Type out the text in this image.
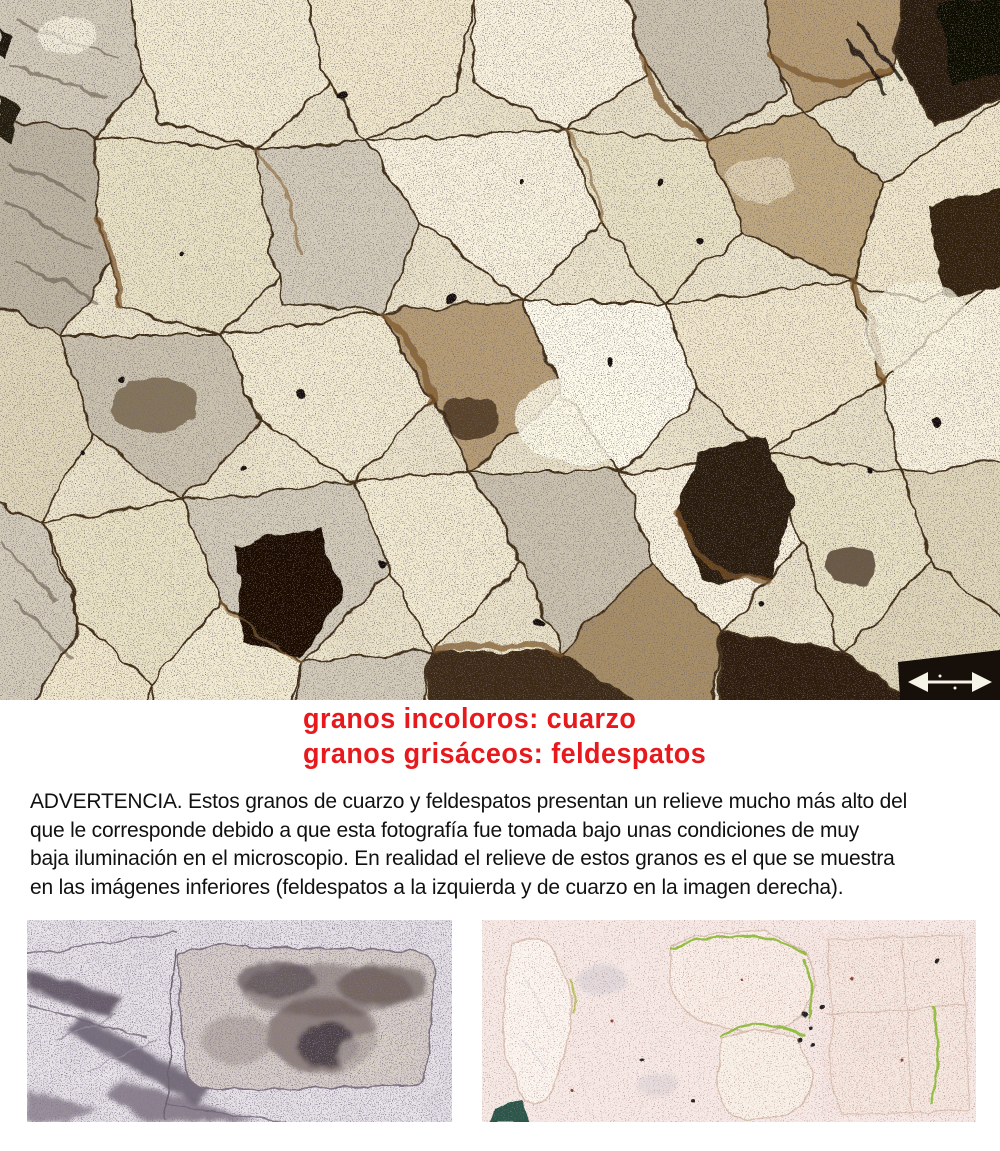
granos incoloros: cuarzo
granos grisáceos: feldespatos
ADVERTENCIA. Estos granos de cuarzo y feldespatos presentan un relieve mucho más alto del
que le corresponde debido a que esta fotografía fue tomada bajo unas condiciones de muy
baja iluminación en el microscopio. En realidad el relieve de estos granos es el que se muestra
en las imágenes inferiores (feldespatos a la izquierda y de cuarzo en la imagen derecha).
